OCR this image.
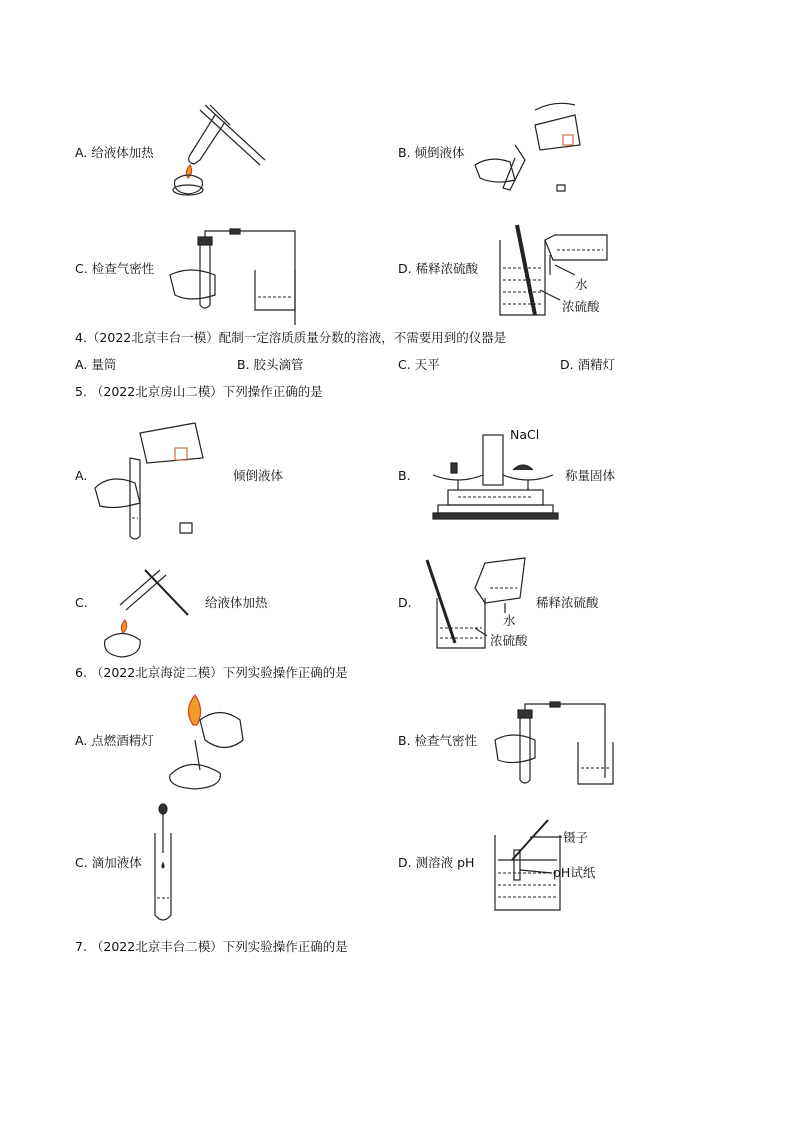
A. 给液体加热	B. 倾倒液体
C. 检查气密性	D. 稀释浓硫酸
水
浓硫酸
4.（2022北京丰台一模）配制一定溶质质量分数的溶液，不需要用到的仪器是
A. 量筒	B. 胶头滴管	C. 天平	D. 酒精灯
5. （2022北京房山二模）下列操作正确的是
A.	倾倒液体	B.
NaCl
称量固体
C.	给液体加热	D.
水
浓硫酸
稀释浓硫酸
6. （2022北京海淀二模）下列实验操作正确的是
A. 点燃酒精灯	B. 检查气密性
C. 滴加液体	D. 测溶液 pH
镊子
pH试纸
7. （2022北京丰台二模）下列实验操作正确的是
